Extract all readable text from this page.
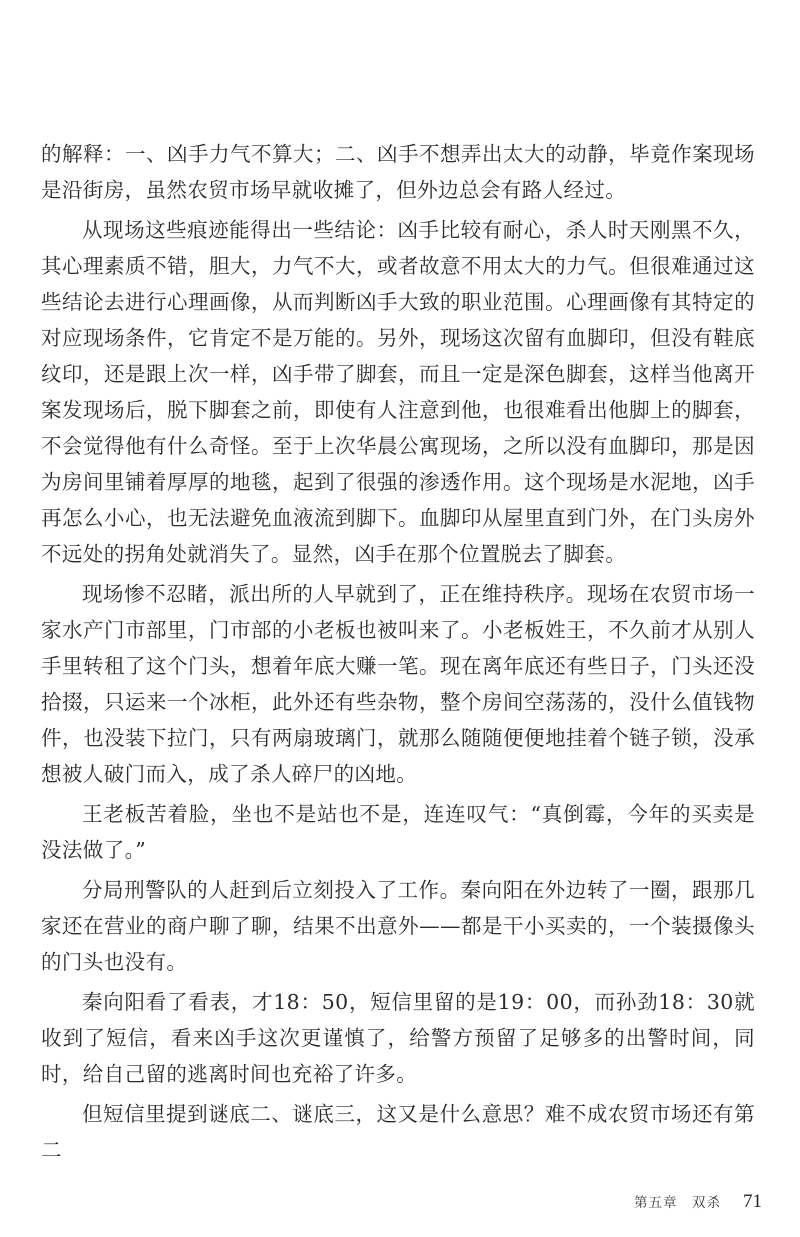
的解释：一、凶手力气不算大；二、凶手不想弄出太大的动静，毕竟作案现场是沿街房，虽然农贸市场早就收摊了，但外边总会有路人经过。

从现场这些痕迹能得出一些结论：凶手比较有耐心，杀人时天刚黑不久，其心理素质不错，胆大，力气不大，或者故意不用太大的力气。但很难通过这些结论去进行心理画像，从而判断凶手大致的职业范围。心理画像有其特定的对应现场条件，它肯定不是万能的。另外，现场这次留有血脚印，但没有鞋底纹印，还是跟上次一样，凶手带了脚套，而且一定是深色脚套，这样当他离开案发现场后，脱下脚套之前，即使有人注意到他，也很难看出他脚上的脚套，不会觉得他有什么奇怪。至于上次华晨公寓现场，之所以没有血脚印，那是因为房间里铺着厚厚的地毯，起到了很强的渗透作用。这个现场是水泥地，凶手再怎么小心，也无法避免血液流到脚下。血脚印从屋里直到门外，在门头房外不远处的拐角处就消失了。显然，凶手在那个位置脱去了脚套。

现场惨不忍睹，派出所的人早就到了，正在维持秩序。现场在农贸市场一家水产门市部里，门市部的小老板也被叫来了。小老板姓王，不久前才从别人手里转租了这个门头，想着年底大赚一笔。现在离年底还有些日子，门头还没拾掇，只运来一个冰柜，此外还有些杂物，整个房间空荡荡的，没什么值钱物件，也没装下拉门，只有两扇玻璃门，就那么随随便便地挂着个链子锁，没承想被人破门而入，成了杀人碎尸的凶地。

王老板苦着脸，坐也不是站也不是，连连叹气：“真倒霉，今年的买卖是没法做了。”

分局刑警队的人赶到后立刻投入了工作。秦向阳在外边转了一圈，跟那几家还在营业的商户聊了聊，结果不出意外——都是干小买卖的，一个装摄像头的门头也没有。

秦向阳看了看表，才18：50，短信里留的是19：00，而孙劲18：30就收到了短信，看来凶手这次更谨慎了，给警方预留了足够多的出警时间，同时，给自己留的逃离时间也充裕了许多。

但短信里提到谜底二、谜底三，这又是什么意思？难不成农贸市场还有第二

第五章　双杀 71
